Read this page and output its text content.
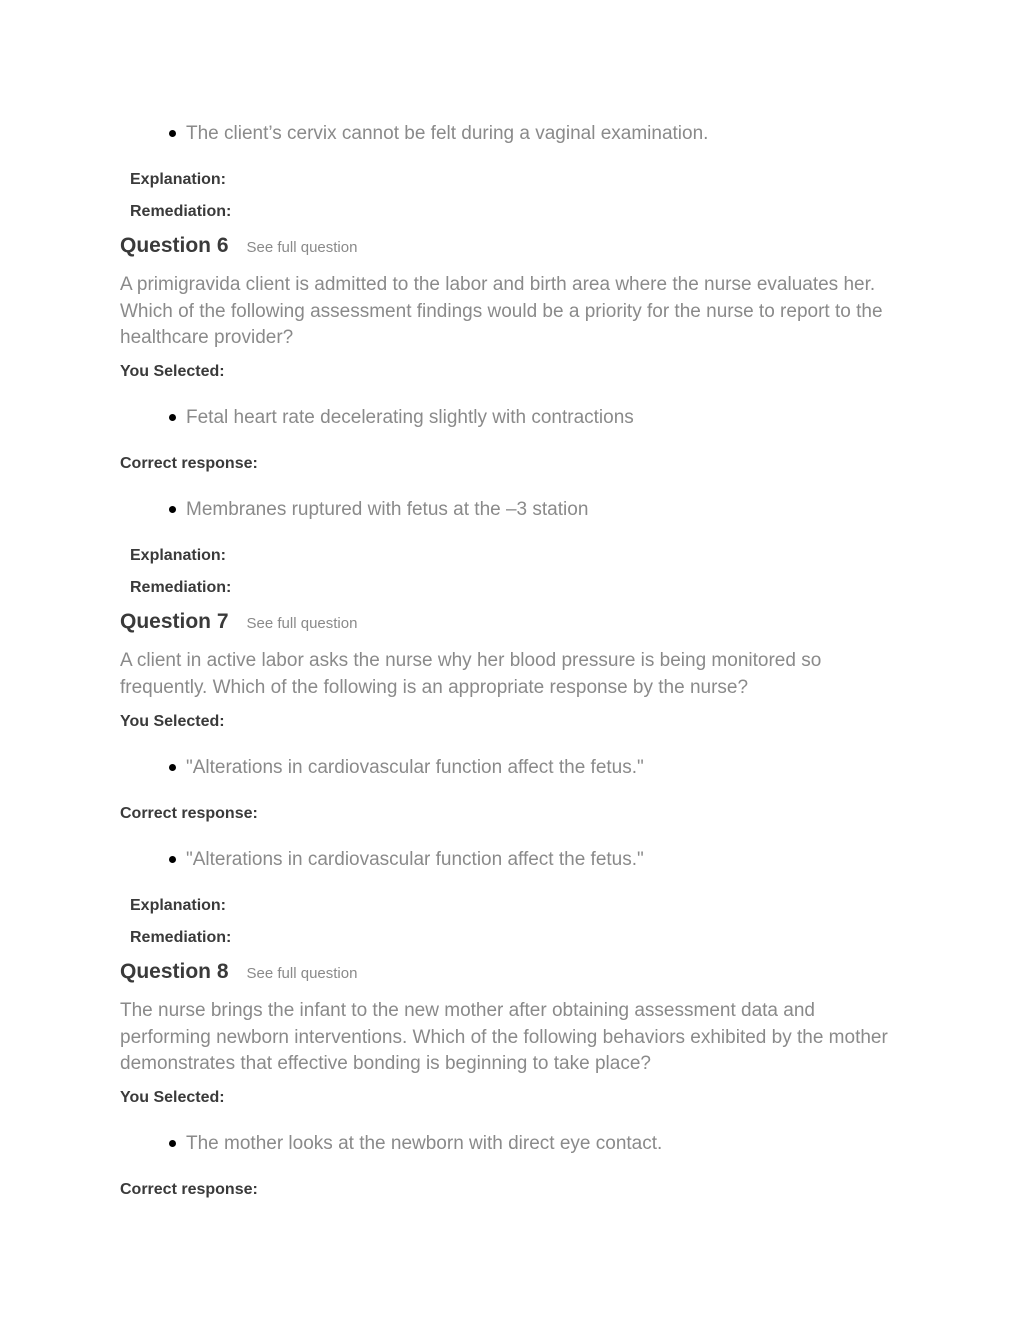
The client’s cervix cannot be felt during a vaginal examination.
Explanation:
Remediation:
Question 6 See full question

A primigravida client is admitted to the labor and birth area where the nurse evaluates her. Which of the following assessment findings would be a priority for the nurse to report to the healthcare provider?

You Selected:
Fetal heart rate decelerating slightly with contractions
Correct response:
Membranes ruptured with fetus at the –3 station
Explanation:
Remediation:
Question 7 See full question

A client in active labor asks the nurse why her blood pressure is being monitored so frequently. Which of the following is an appropriate response by the nurse?

You Selected:
"Alterations in cardiovascular function affect the fetus."
Correct response:
"Alterations in cardiovascular function affect the fetus."
Explanation:
Remediation:
Question 8 See full question

The nurse brings the infant to the new mother after obtaining assessment data and performing newborn interventions. Which of the following behaviors exhibited by the mother demonstrates that effective bonding is beginning to take place?

You Selected:
The mother looks at the newborn with direct eye contact.
Correct response:
